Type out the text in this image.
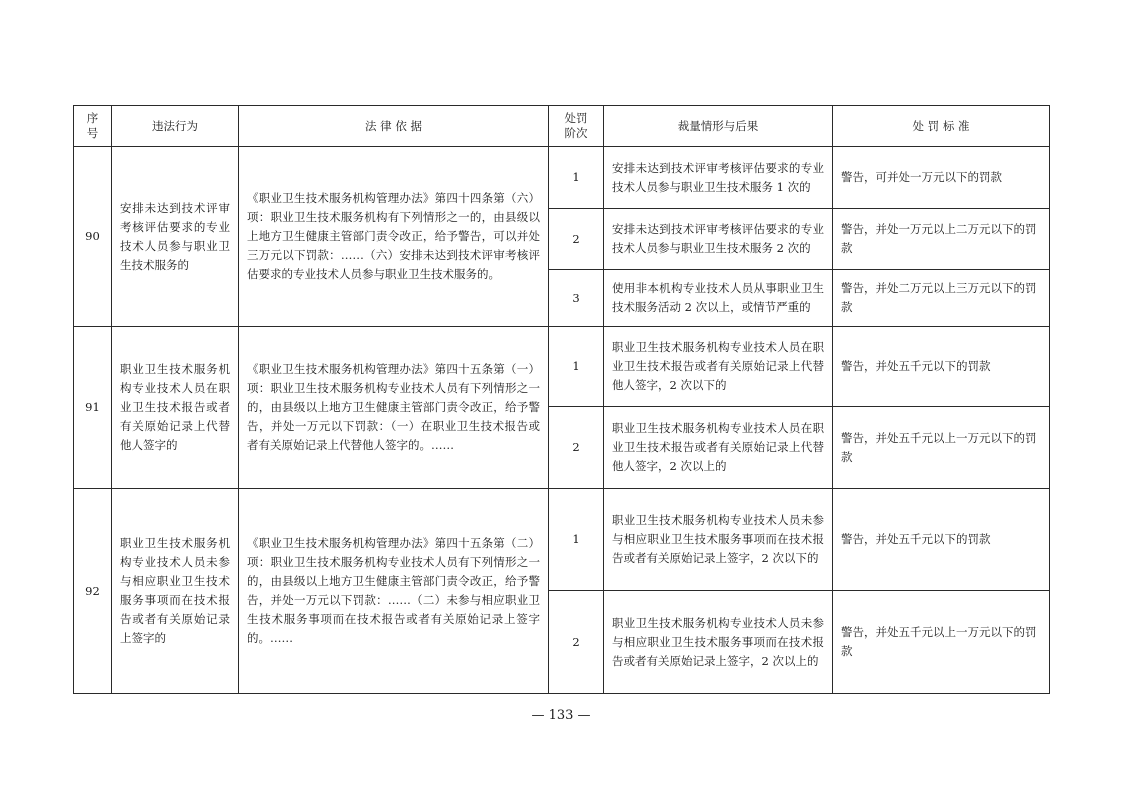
序号	违法行为	法 律 依 据	处罚阶次	裁量情形与后果	处 罚 标 准
90	安排未达到技术评审考核评估要求的专业技术人员参与职业卫生技术服务的	《职业卫生技术服务机构管理办法》第四十四条第（六）项：职业卫生技术服务机构有下列情形之一的，由县级以上地方卫生健康主管部门责令改正，给予警告，可以并处三万元以下罚款：……（六）安排未达到技术评审考核评估要求的专业技术人员参与职业卫生技术服务的。	1	安排未达到技术评审考核评估要求的专业技术人员参与职业卫生技术服务 1 次的	警告，可并处一万元以下的罚款
			2	安排未达到技术评审考核评估要求的专业技术人员参与职业卫生技术服务 2 次的	警告，并处一万元以上二万元以下的罚款
			3	使用非本机构专业技术人员从事职业卫生技术服务活动 2 次以上，或情节严重的	警告，并处二万元以上三万元以下的罚款
91	职业卫生技术服务机构专业技术人员在职业卫生技术报告或者有关原始记录上代替他人签字的	《职业卫生技术服务机构管理办法》第四十五条第（一）项：职业卫生技术服务机构专业技术人员有下列情形之一的，由县级以上地方卫生健康主管部门责令改正，给予警告，并处一万元以下罚款：（一）在职业卫生技术报告或者有关原始记录上代替他人签字的。……	1	职业卫生技术服务机构专业技术人员在职业卫生技术报告或者有关原始记录上代替他人签字，2 次以下的	警告，并处五千元以下的罚款
			2	职业卫生技术服务机构专业技术人员在职业卫生技术报告或者有关原始记录上代替他人签字，2 次以上的	警告，并处五千元以上一万元以下的罚款
92	职业卫生技术服务机构专业技术人员未参与相应职业卫生技术服务事项而在技术报告或者有关原始记录上签字的	《职业卫生技术服务机构管理办法》第四十五条第（二）项：职业卫生技术服务机构专业技术人员有下列情形之一的，由县级以上地方卫生健康主管部门责令改正，给予警告，并处一万元以下罚款：……（二）未参与相应职业卫生技术服务事项而在技术报告或者有关原始记录上签字的。……	1	职业卫生技术服务机构专业技术人员未参与相应职业卫生技术服务事项而在技术报告或者有关原始记录上签字，2 次以下的	警告，并处五千元以下的罚款
			2	职业卫生技术服务机构专业技术人员未参与相应职业卫生技术服务事项而在技术报告或者有关原始记录上签字，2 次以上的	警告，并处五千元以上一万元以下的罚款
— 133 —
